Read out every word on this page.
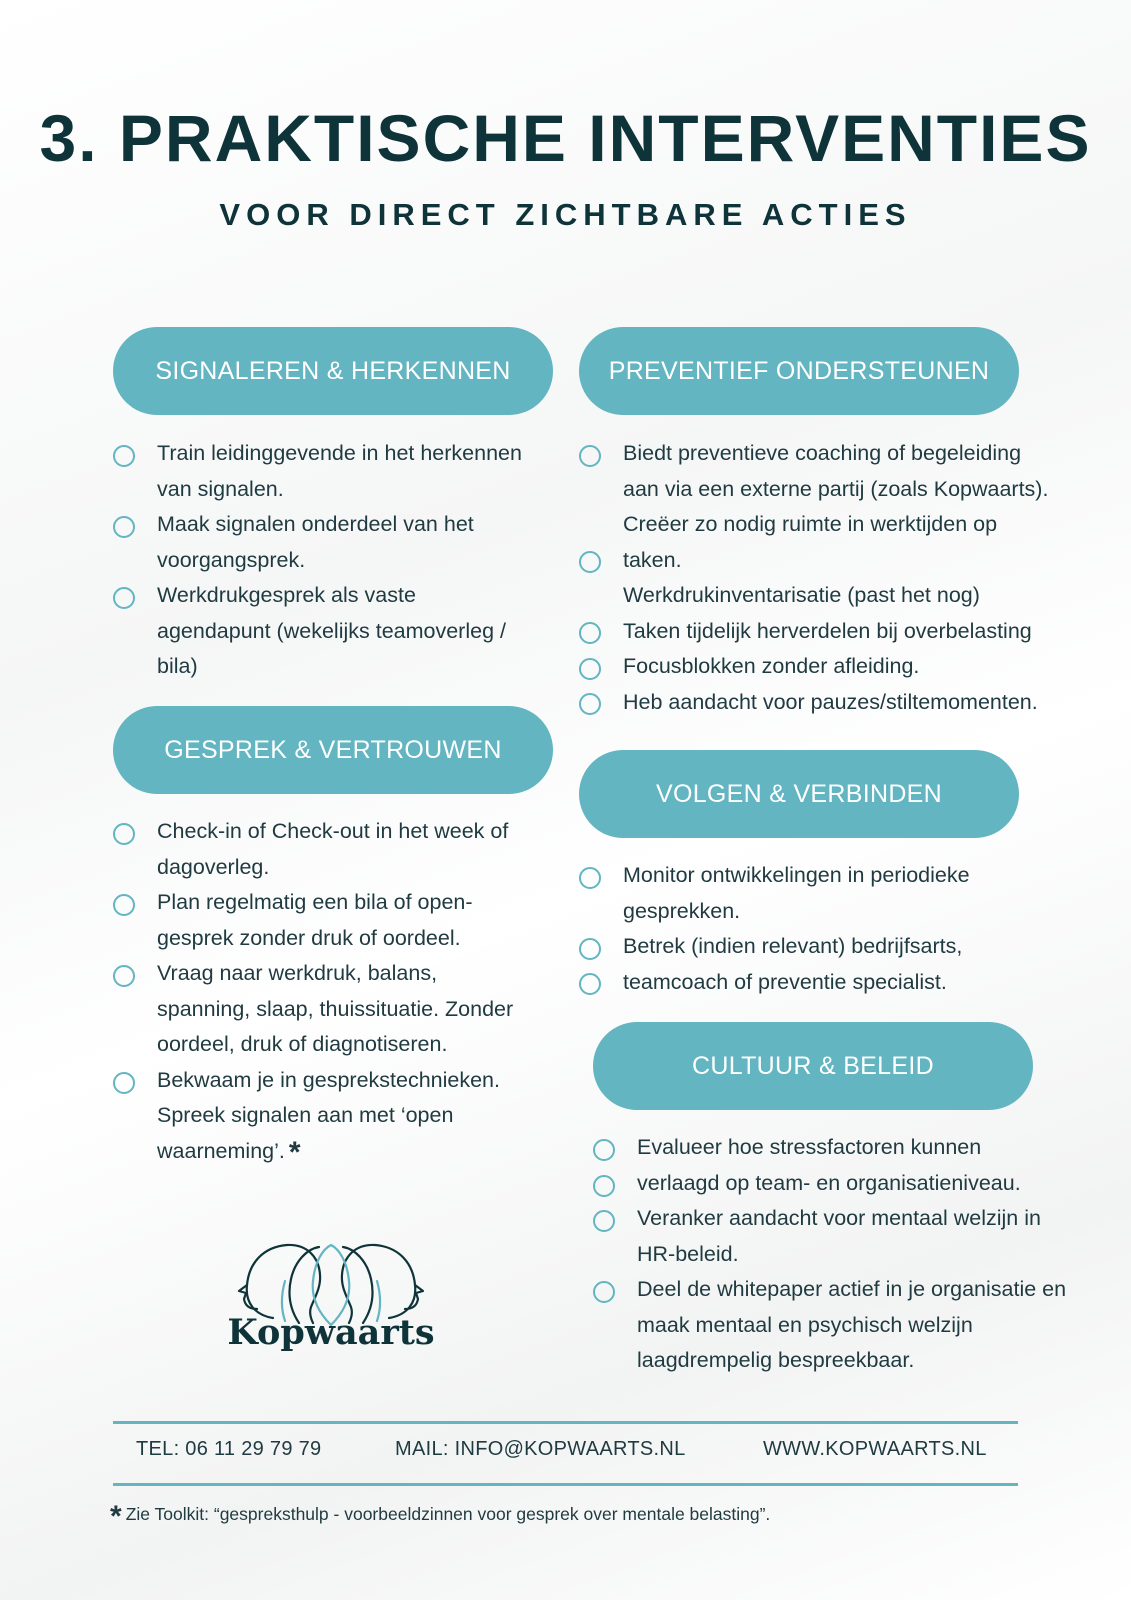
3. PRAKTISCHE INTERVENTIES
VOOR DIRECT ZICHTBARE ACTIES
SIGNALEREN & HERKENNEN
Train leidinggevende in het herkennen
van signalen.
Maak signalen onderdeel van het
voorgangsprek.
Werkdrukgesprek als vaste
agendapunt (wekelijks teamoverleg /
bila)
GESPREK & VERTROUWEN
Check-in of Check-out in het week of
dagoverleg.
Plan regelmatig een bila of open-
gesprek zonder druk of oordeel.
Vraag naar werkdruk, balans,
spanning, slaap, thuissituatie. Zonder
oordeel, druk of diagnotiseren.
Bekwaam je in gesprekstechnieken.
Spreek signalen aan met ‘open
waarneming’. *
PREVENTIEF ONDERSTEUNEN
Biedt preventieve coaching of begeleiding
aan via een externe partij (zoals Kopwaarts).
Creëer zo nodig ruimte in werktijden op
taken.
Werkdrukinventarisatie (past het nog)
Taken tijdelijk herverdelen bij overbelasting
Focusblokken zonder afleiding.
Heb aandacht voor pauzes/stiltemomenten.
VOLGEN & VERBINDEN
Monitor ontwikkelingen in periodieke
gesprekken.
Betrek (indien relevant) bedrijfsarts,
teamcoach of preventie specialist.
CULTUUR & BELEID
Evalueer hoe stressfactoren kunnen
verlaagd op team- en organisatieniveau.
Veranker aandacht voor mentaal welzijn in
HR-beleid.
Deel de whitepaper actief in je organisatie en
maak mentaal en psychisch welzijn
laagdrempelig bespreekbaar.
Kopwaarts
TEL: 06 11 29 79 79	MAIL: INFO@KOPWAARTS.NL	WWW.KOPWAARTS.NL
* Zie Toolkit: “gespreksthulp - voorbeeldzinnen voor gesprek over mentale belasting”.
